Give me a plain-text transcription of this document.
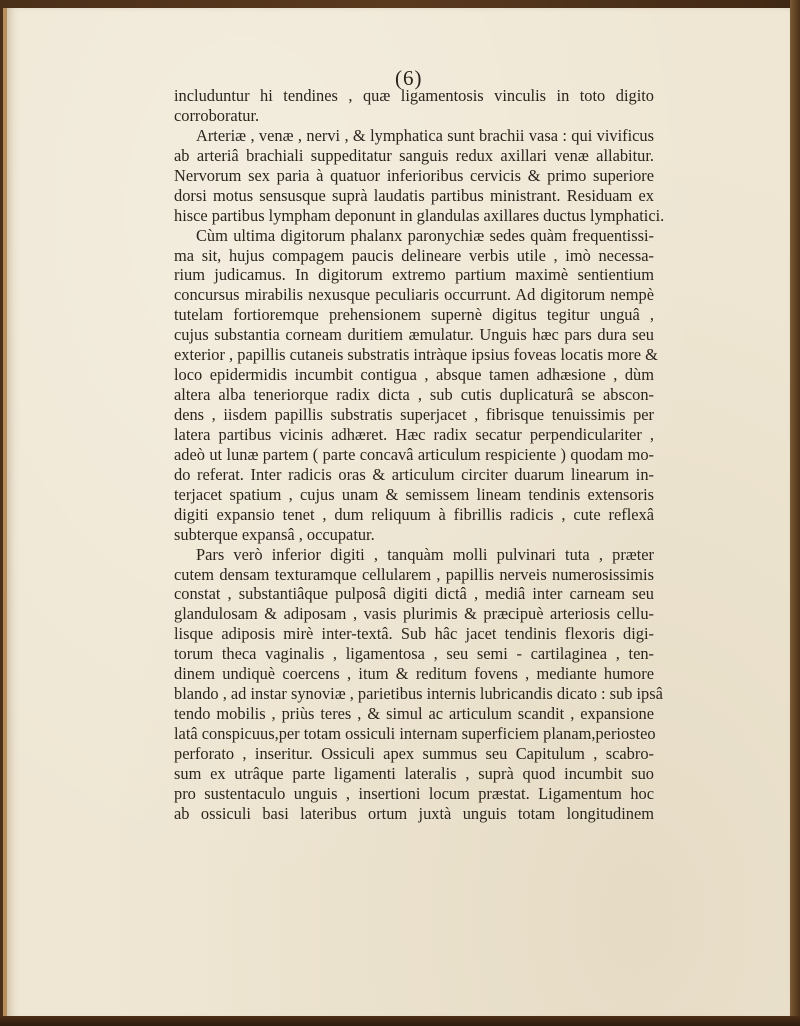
(6)
includuntur hi tendines , quæ ligamentosis vinculis in toto digito
corroboratur.
Arteriæ , venæ , nervi , & lymphatica sunt brachii vasa : qui vivificus
ab arteriâ brachiali suppeditatur sanguis redux axillari venæ allabitur.
Nervorum sex paria à quatuor inferioribus cervicis & primo superiore
dorsi motus sensusque suprà laudatis partibus ministrant. Residuam ex
hisce partibus lympham deponunt in glandulas axillares ductus lymphatici.
Cùm ultima digitorum phalanx paronychiæ sedes quàm frequentissi-
ma sit, hujus compagem paucis delineare verbis utile , imò necessa-
rium judicamus. In digitorum extremo partium maximè sentientium
concursus mirabilis nexusque peculiaris occurrunt. Ad digitorum nempè
tutelam fortioremque prehensionem supernè digitus tegitur unguâ ,
cujus substantia corneam duritiem æmulatur. Unguis hæc pars dura seu
exterior , papillis cutaneis substratis intràque ipsius foveas locatis more &
loco epidermidis incumbit contigua , absque tamen adhæsione , dùm
altera alba teneriorque radix dicta , sub cutis duplicaturâ se abscon-
dens , iisdem papillis substratis superjacet , fibrisque tenuissimis per
latera partibus vicinis adhæret. Hæc radix secatur perpendiculariter ,
adeò ut lunæ partem ( parte concavâ articulum respiciente ) quodam mo-
do referat. Inter radicis oras & articulum circiter duarum linearum in-
terjacet spatium , cujus unam & semissem lineam tendinis extensoris
digiti expansio tenet , dum reliquum à fibrillis radicis , cute reflexâ
subterque expansâ , occupatur.
Pars verò inferior digiti , tanquàm molli pulvinari tuta , præter
cutem densam texturamque cellularem , papillis nerveis numerosissimis
constat , substantiâque pulposâ digiti dictâ , mediâ inter carneam seu
glandulosam & adiposam , vasis plurimis & præcipuè arteriosis cellu-
lisque adiposis mirè inter-textâ. Sub hâc jacet tendinis flexoris digi-
torum theca vaginalis , ligamentosa , seu semi - cartilaginea , ten-
dinem undiquè coercens , itum & reditum fovens , mediante humore
blando , ad instar synoviæ , parietibus internis lubricandis dicato : sub ipsâ
tendo mobilis , priùs teres , & simul ac articulum scandit , expansione
latâ conspicuus,per totam ossiculi internam superficiem planam,periosteo
perforato , inseritur. Ossiculi apex summus seu Capitulum , scabro-
sum ex utrâque parte ligamenti lateralis , suprà quod incumbit suo
pro sustentaculo unguis , insertioni locum præstat. Ligamentum hoc
ab ossiculi basi lateribus ortum juxtà unguis totam longitudinem
